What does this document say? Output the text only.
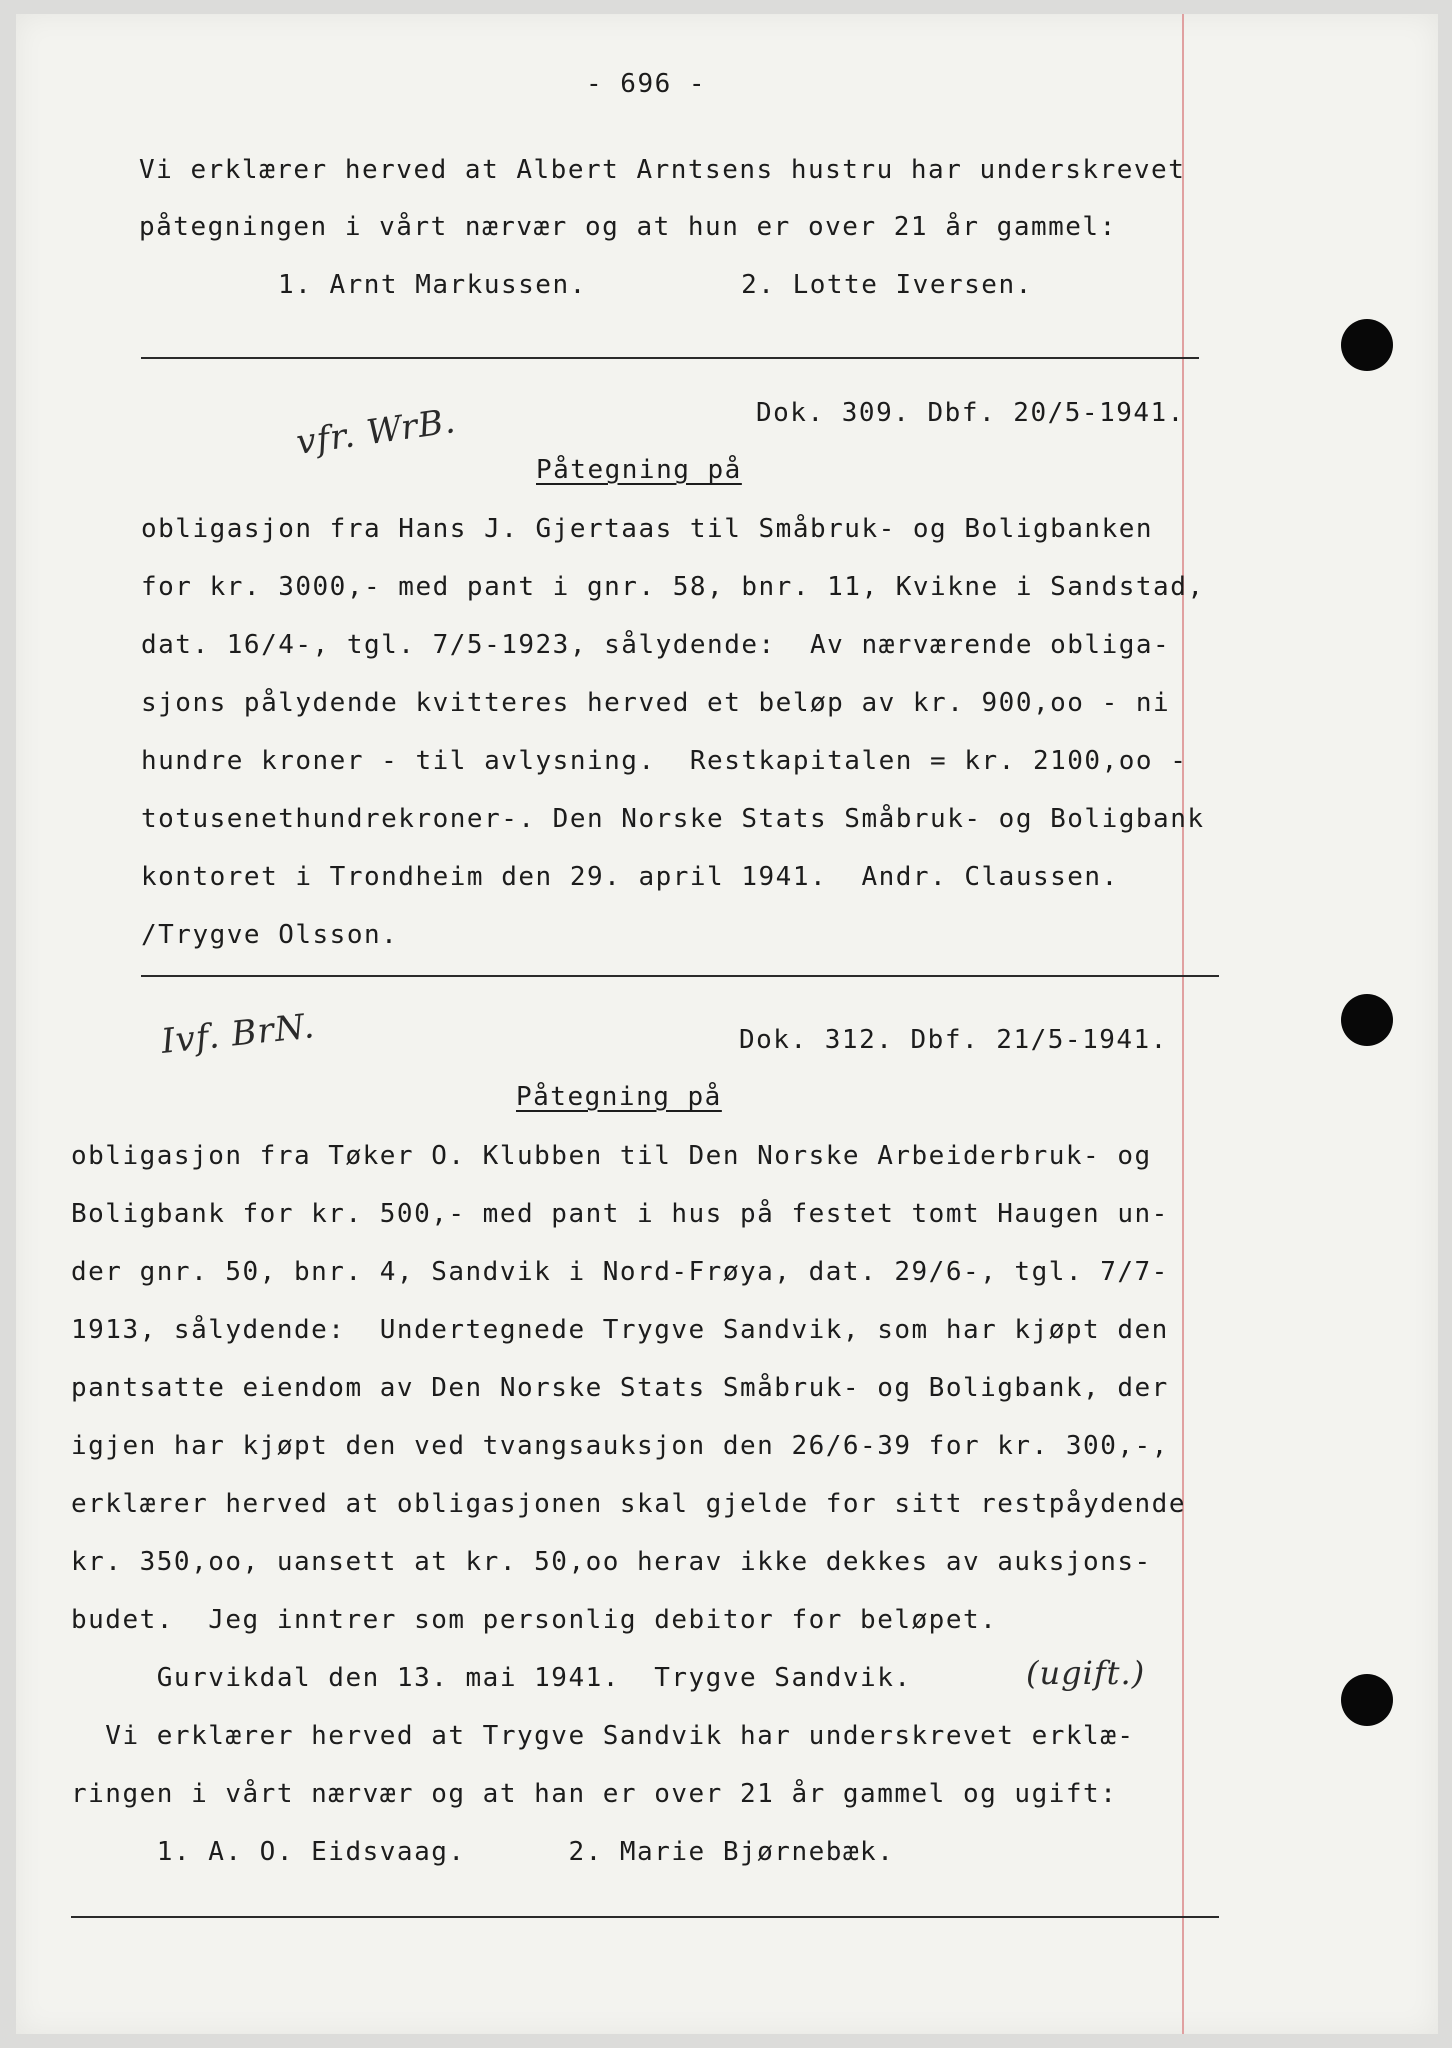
- 696 -
Vi erklærer herved at Albert Arntsens hustru har underskrevet
påtegningen i vårt nærvær og at hun er over 21 år gammel:
1. Arnt Markussen.         2. Lotte Iversen.
vfr. WrB.	Dok. 309. Dbf. 20/5-1941.
Påtegning på
obligasjon fra Hans J. Gjertaas til Småbruk- og Boligbanken
for kr. 3000,- med pant i gnr. 58, bnr. 11, Kvikne i Sandstad,
dat. 16/4-, tgl. 7/5-1923, sålydende:  Av nærværende obliga-
sjons pålydende kvitteres herved et beløp av kr. 900,oo - ni
hundre kroner - til avlysning.  Restkapitalen = kr. 2100,oo -
totusenethundrekroner-. Den Norske Stats Småbruk- og Boligbank
kontoret i Trondheim den 29. april 1941.  Andr. Claussen.
/Trygve Olsson.
Ivf. BrN.	Dok. 312. Dbf. 21/5-1941.
Påtegning på
obligasjon fra Tøker O. Klubben til Den Norske Arbeiderbruk- og
Boligbank for kr. 500,- med pant i hus på festet tomt Haugen un-
der gnr. 50, bnr. 4, Sandvik i Nord-Frøya, dat. 29/6-, tgl. 7/7-
1913, sålydende:  Undertegnede Trygve Sandvik, som har kjøpt den
pantsatte eiendom av Den Norske Stats Småbruk- og Boligbank, der
igjen har kjøpt den ved tvangsauksjon den 26/6-39 for kr. 300,-,
erklærer herved at obligasjonen skal gjelde for sitt restpåydende
kr. 350,oo, uansett at kr. 50,oo herav ikke dekkes av auksjons-
budet.  Jeg inntrer som personlig debitor for beløpet.
Gurvikdal den 13. mai 1941.  Trygve Sandvik.	(ugift.)
Vi erklærer herved at Trygve Sandvik har underskrevet erklæ-
ringen i vårt nærvær og at han er over 21 år gammel og ugift:
1. A. O. Eidsvaag.      2. Marie Bjørnebæk.
